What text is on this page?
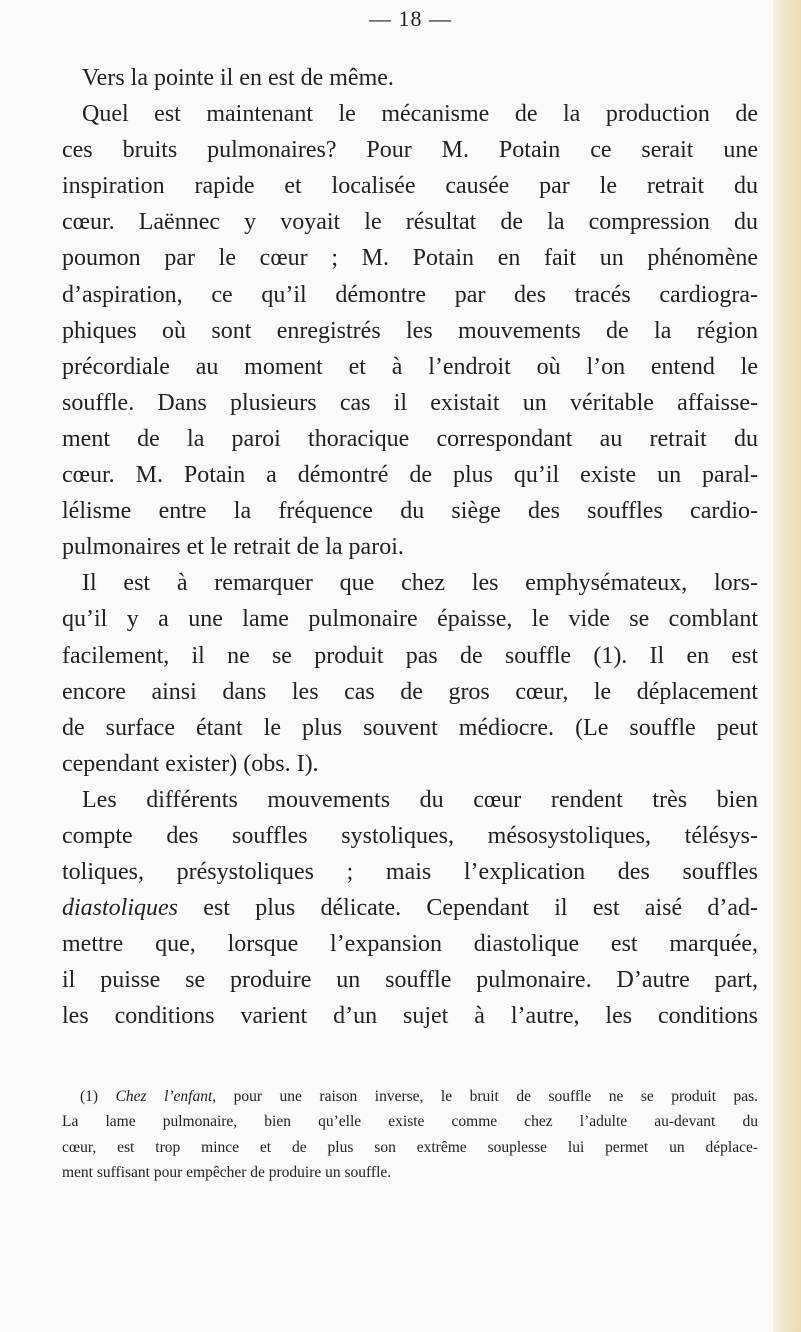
— 18 —
Vers la pointe il en est de même.
Quel est maintenant le mécanisme de la production de
ces bruits pulmonaires? Pour M. Potain ce serait une
inspiration rapide et localisée causée par le retrait du
cœur. Laënnec y voyait le résultat de la compression du
poumon par le cœur ; M. Potain en fait un phénomène
d’aspiration, ce qu’il démontre par des tracés cardiogra-
phiques où sont enregistrés les mouvements de la région
précordiale au moment et à l’endroit où l’on entend le
souffle. Dans plusieurs cas il existait un véritable affaisse-
ment de la paroi thoracique correspondant au retrait du
cœur. M. Potain a démontré de plus qu’il existe un paral-
lélisme entre la fréquence du siège des souffles cardio-
pulmonaires et le retrait de la paroi.
Il est à remarquer que chez les emphysémateux, lors-
qu’il y a une lame pulmonaire épaisse, le vide se comblant
facilement, il ne se produit pas de souffle (1). Il en est
encore ainsi dans les cas de gros cœur, le déplacement
de surface étant le plus souvent médiocre. (Le souffle peut
cependant exister) (obs. I).
Les différents mouvements du cœur rendent très bien
compte des souffles systoliques, mésosystoliques, télésys-
toliques, présystoliques ; mais l’explication des souffles
diastoliques est plus délicate. Cependant il est aisé d’ad-
mettre que, lorsque l’expansion diastolique est marquée,
il puisse se produire un souffle pulmonaire. D’autre part,
les conditions varient d’un sujet à l’autre, les conditions
(1) Chez l’enfant, pour une raison inverse, le bruit de souffle ne se produit pas.
La lame pulmonaire, bien qu’elle existe comme chez l’adulte au-devant du
cœur, est trop mince et de plus son extrême souplesse lui permet un déplace-
ment suffisant pour empêcher de produire un souffle.
